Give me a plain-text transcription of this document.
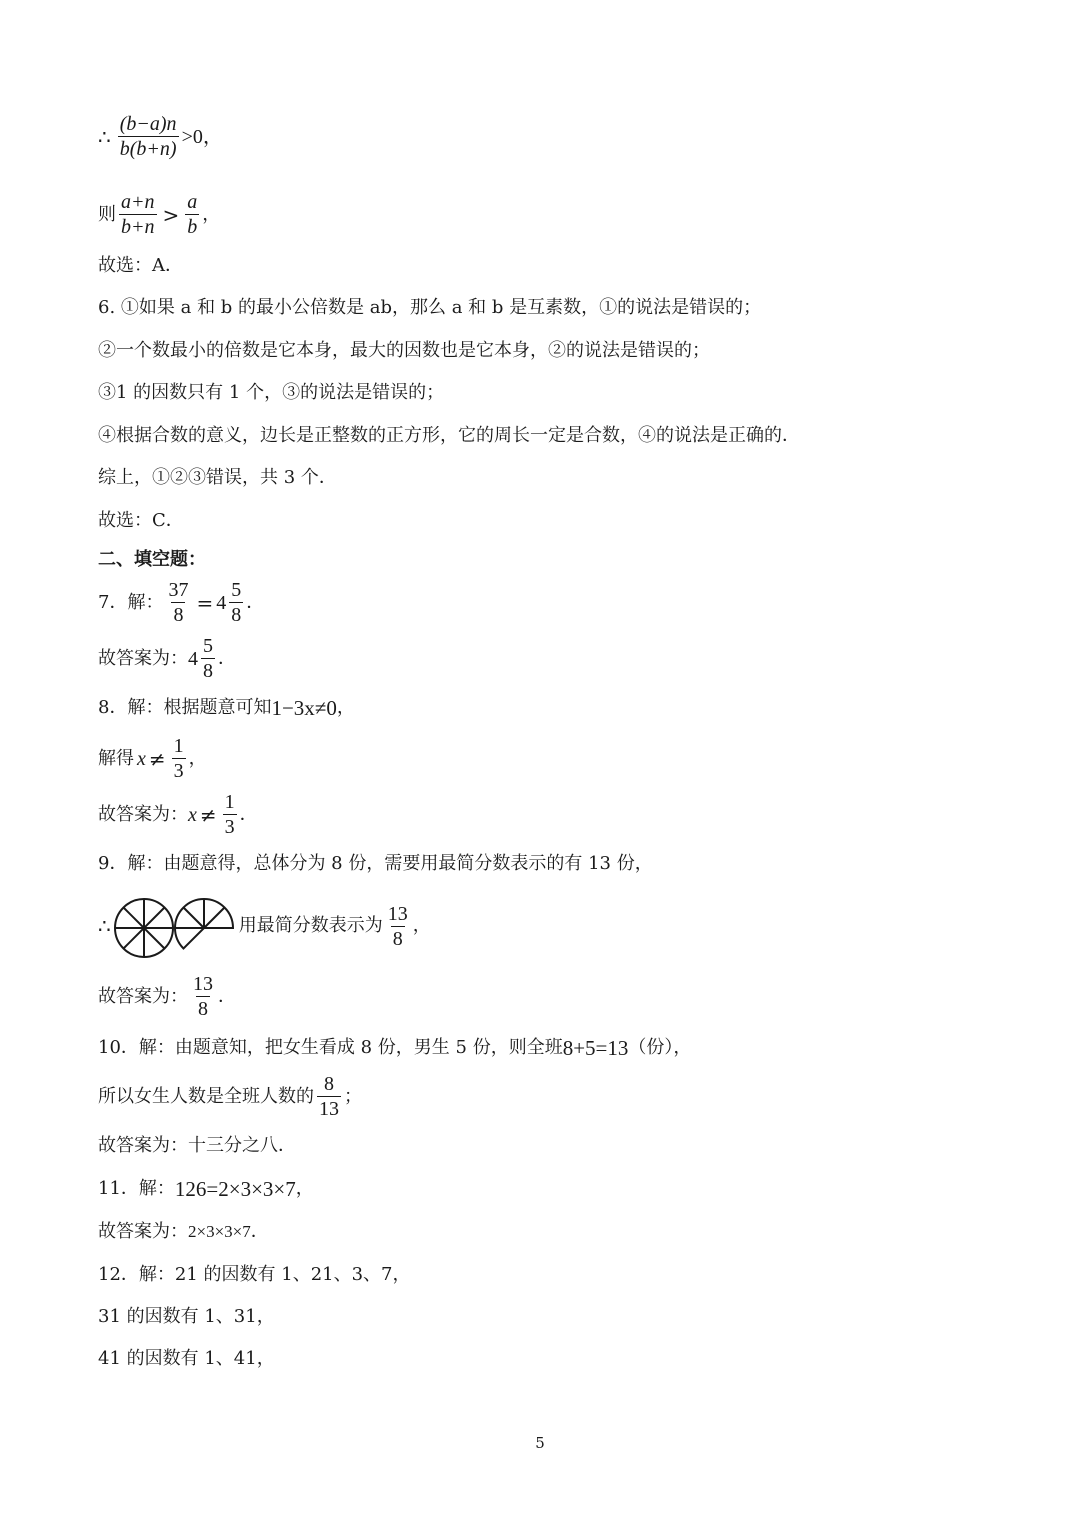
∴ $\frac{(b-a)n}{b(b+n)} >0$，
则 $\frac{a+n}{b+n} > \frac{a}{b}$ ，
故选：A．
6. ①如果 a 和 b 的最小公倍数是 ab，那么 a 和 b 是互素数，①的说法是错误的；
②一个数最小的倍数是它本身，最大的因数也是它本身，②的说法是错误的；
③1 的因数只有 1 个，③的说法是错误的；
④根据合数的意义，边长是正整数的正方形，它的周长一定是合数，④的说法是正确的．
综上，①②③错误，共 3 个．
故选：C．
二、填空题：
7．解： $\frac{37}{8} = 4 \frac{5}{8}$ ．
故答案为： $4 \frac{5}{8}$ ．
8．解：根据题意可知 1−3x≠0 ，
解得 $x \ne \frac{1}{3}$ ，
故答案为： $x \ne \frac{1}{3}$ ．
9．解：由题意得，总体分为 8 份，需要用最简分数表示的有 13 份，
∴	用最简分数表示为 $\frac{13}{8}$ ，
故答案为： $\frac{13}{8}$ ．
10．解：由题意知，把女生看成 8 份，男生 5 份，则全班 8+5=13 （份），
所以女生人数是全班人数的 $\frac{8}{13}$ ；
故答案为：十三分之八．
11．解： 126=2×3×3×7 ，
故答案为： 2×3×3×7 ．
12．解：21 的因数有 1、21、3、7，
31 的因数有 1、31，
41 的因数有 1、41，
5
